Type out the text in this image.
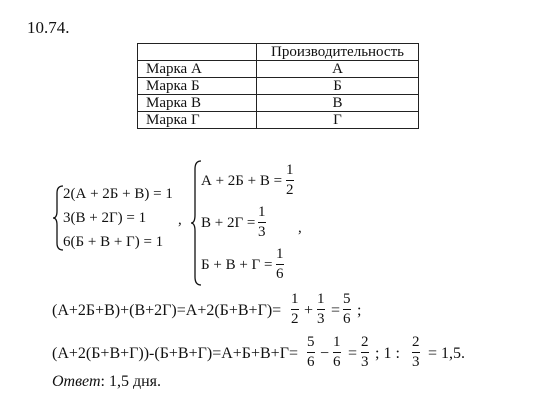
10.74.
	Производительность
Марка А	А
Марка Б	Б
Марка В	В
Марка Г	Г
2(А + 2Б + В) = 1
3(В + 2Г) = 1
6(Б + В + Г) = 1
,
$А + 2Б + В = \frac{1}{2}$
$В + 2Г = \frac{1}{3}$ ,
$Б + В + Г = \frac{1}{6}$
$(А+2Б+В)+(В+2Г)=А+2(Б+В+Г)= \frac{1}{2} + \frac{1}{3} = \frac{5}{6}$ ;
$(А+2(Б+В+Г))-(Б+В+Г)=А+Б+В+Г= \frac{5}{6} - \frac{1}{6} = \frac{2}{3}$ ; 1 : $\frac{2}{3} = 1,5$.
Ответ: 1,5 дня.
